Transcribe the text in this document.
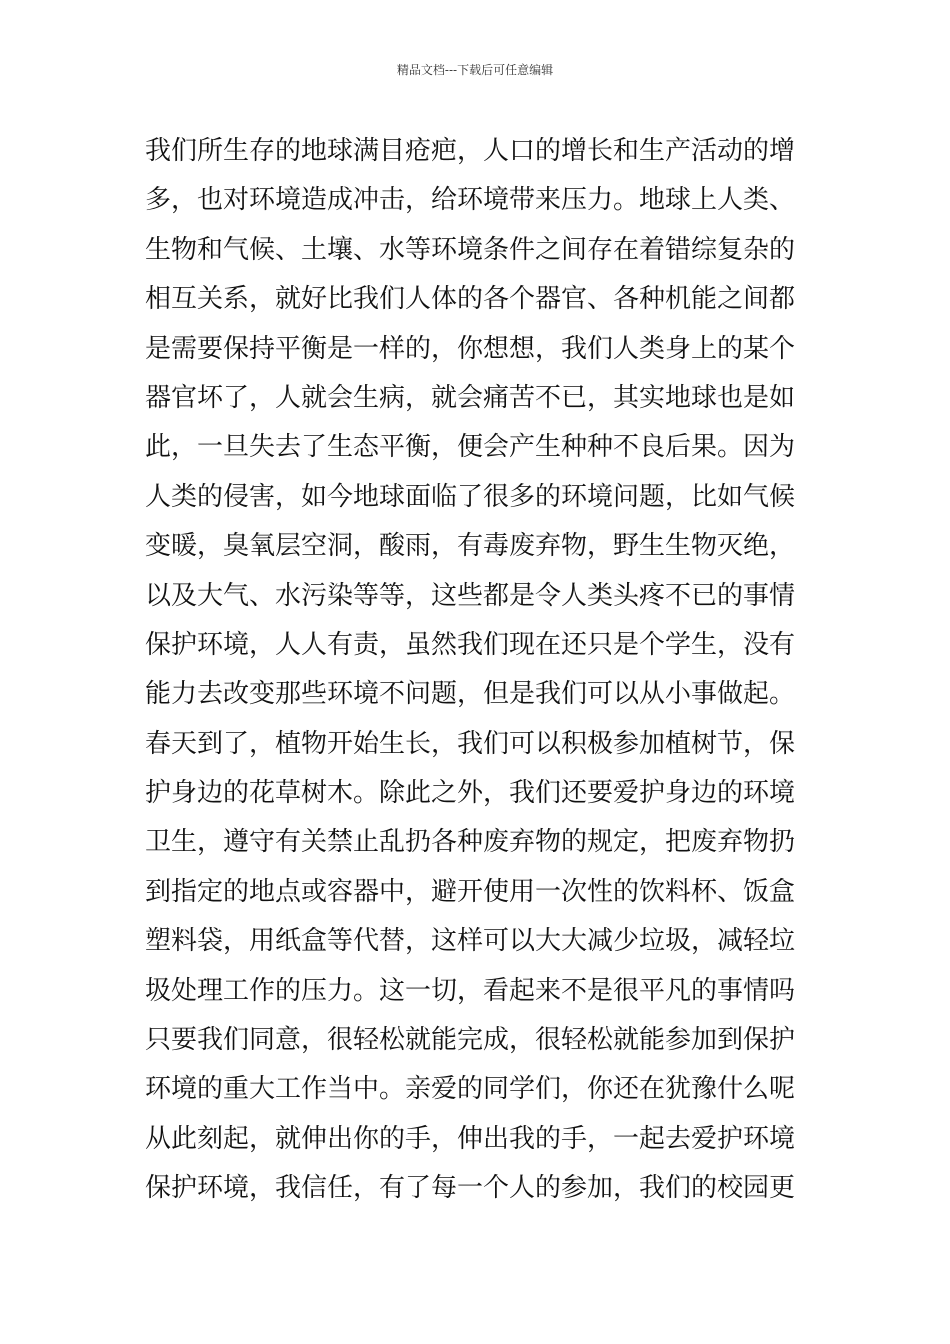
精品文档---下载后可任意编辑
我们所生存的地球满目疮疤，人口的增长和生产活动的增
多，也对环境造成冲击，给环境带来压力。地球上人类、
生物和气候、土壤、水等环境条件之间存在着错综复杂的
相互关系，就好比我们人体的各个器官、各种机能之间都
是需要保持平衡是一样的，你想想，我们人类身上的某个
器官坏了，人就会生病，就会痛苦不已，其实地球也是如
此，一旦失去了生态平衡，便会产生种种不良后果。因为
人类的侵害，如今地球面临了很多的环境问题，比如气候
变暖，臭氧层空洞，酸雨，有毒废弃物，野生生物灭绝，
以及大气、水污染等等，这些都是令人类头疼不已的事情
保护环境，人人有责，虽然我们现在还只是个学生，没有
能力去改变那些环境不问题，但是我们可以从小事做起。
春天到了，植物开始生长，我们可以积极参加植树节，保
护身边的花草树木。除此之外，我们还要爱护身边的环境
卫生，遵守有关禁止乱扔各种废弃物的规定，把废弃物扔
到指定的地点或容器中，避开使用一次性的饮料杯、饭盒
塑料袋，用纸盒等代替，这样可以大大减少垃圾，减轻垃
圾处理工作的压力。这一切，看起来不是很平凡的事情吗
只要我们同意，很轻松就能完成，很轻松就能参加到保护
环境的重大工作当中。亲爱的同学们，你还在犹豫什么呢
从此刻起，就伸出你的手，伸出我的手，一起去爱护环境
保护环境，我信任，有了每一个人的参加，我们的校园更
